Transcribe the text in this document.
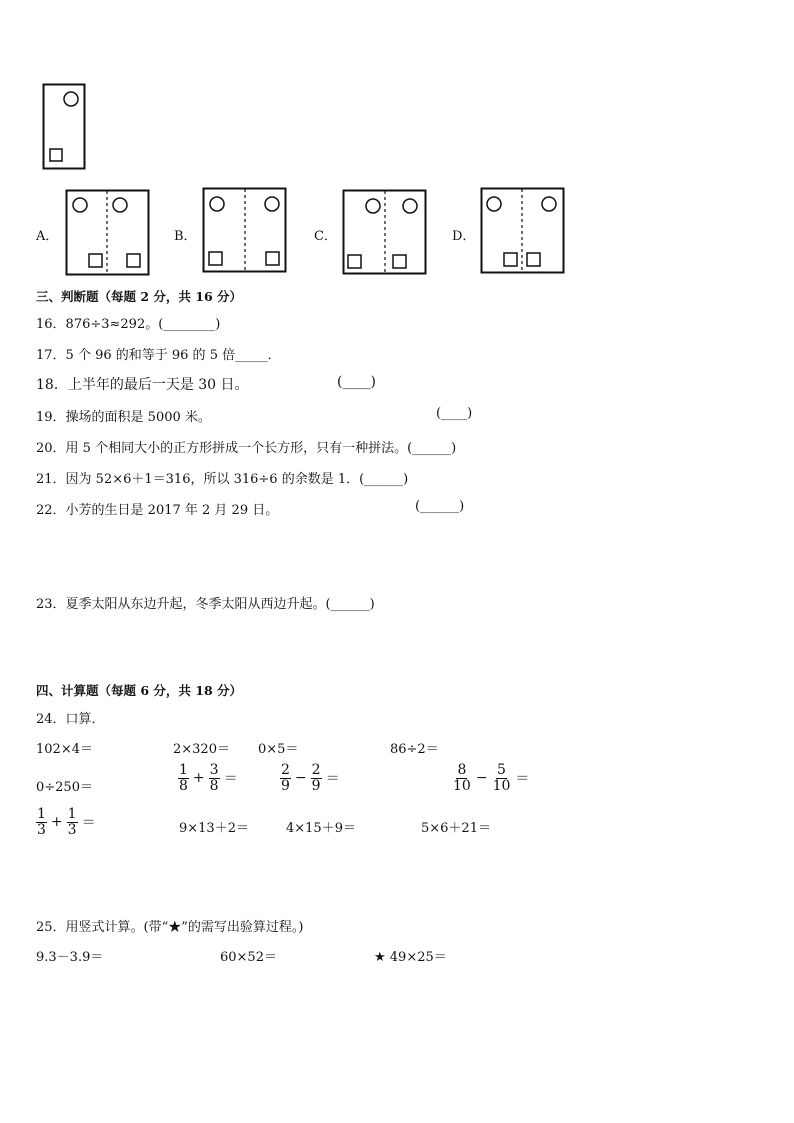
A．	B．	C．	D．
三、判断题（每题 2 分，共 16 分）
16．876÷3≈292。(________)
17．5 个 96 的和等于 96 的 5 倍_____．
18．上半年的最后一天是 30 日。	(____)
19．操场的面积是 5000 米。	(____)
20．用 5 个相同大小的正方形拼成一个长方形，只有一种拼法。(______)
21．因为 52×6＋1＝316，所以 316÷6 的余数是 1．(______)
22．小芳的生日是 2017 年 2 月 29 日。	(______)
23．夏季太阳从东边升起，冬季太阳从西边升起。(______)
四、计算题（每题 6 分，共 18 分）
24．口算．
102×4＝	2×320＝ 0×5＝	86÷2＝
0÷250＝	$\frac{1}{8} + \frac{3}{8}$ ＝	$\frac{2}{9} - \frac{2}{9}$ ＝	$\frac{8}{10} - \frac{5}{10}$ ＝
$\frac{1}{3} + \frac{1}{3}$ ＝	9×13＋2＝	4×15＋9＝	5×6＋21＝
25．用竖式计算。(带“★”的需写出验算过程。)
9.3－3.9＝	60×52＝	★ 49×25＝
